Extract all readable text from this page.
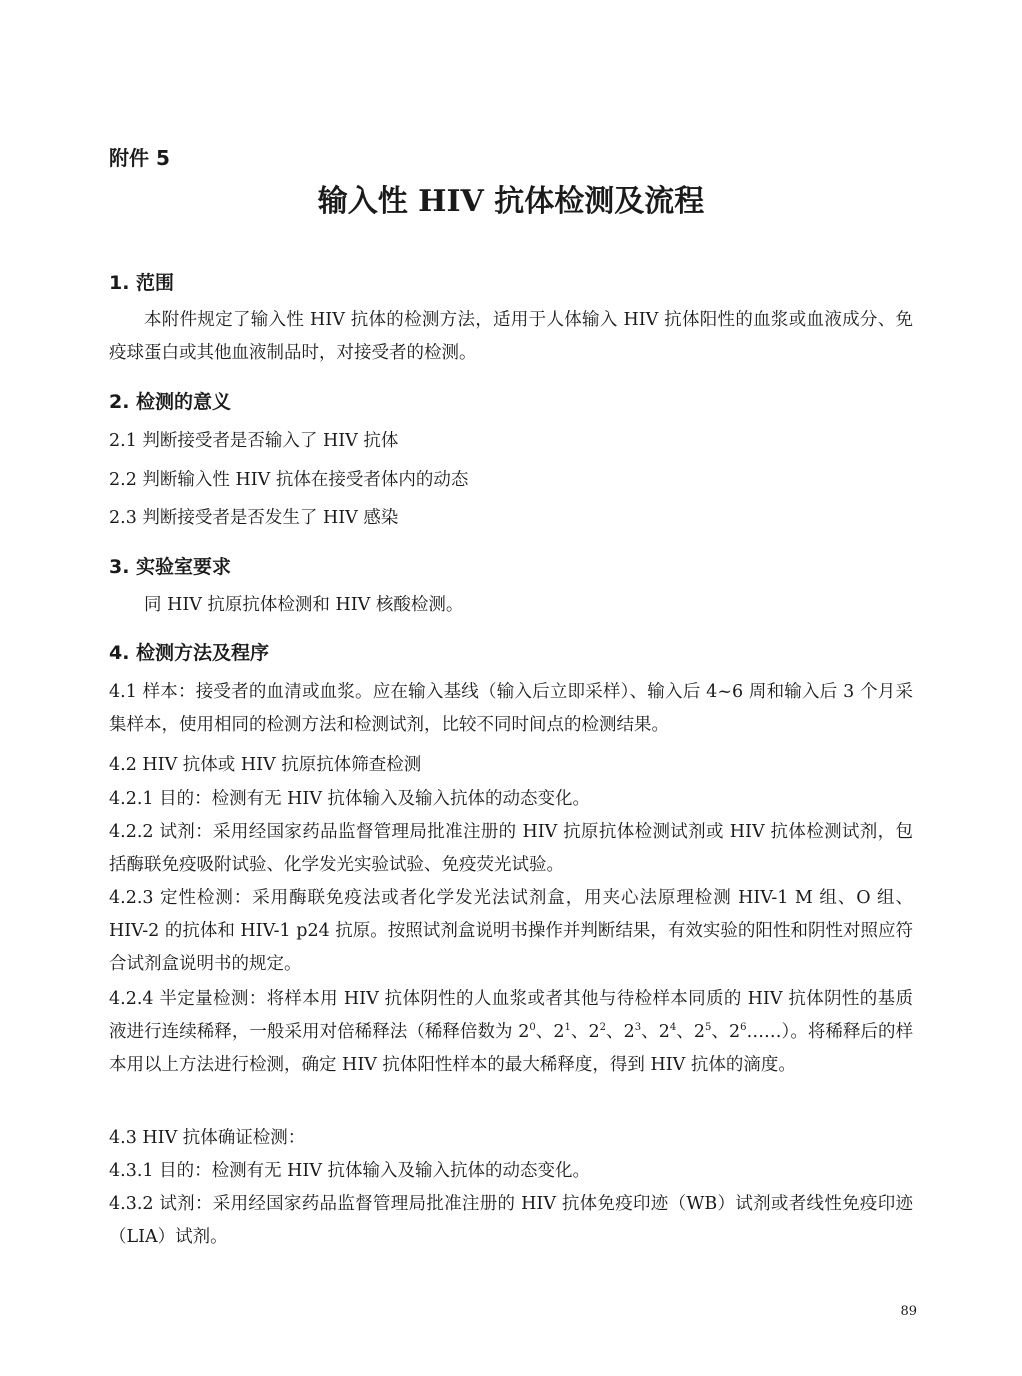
附件 5

输入性 HIV 抗体检测及流程
1. 范围

本附件规定了输入性 HIV 抗体的检测方法，适用于人体输入 HIV 抗体阳性的血浆或血液成分、免疫球蛋白或其他血液制品时，对接受者的检测。

2. 检测的意义

2.1 判断接受者是否输入了 HIV 抗体

2.2 判断输入性 HIV 抗体在接受者体内的动态

2.3 判断接受者是否发生了 HIV 感染

3. 实验室要求

同 HIV 抗原抗体检测和 HIV 核酸检测。

4. 检测方法及程序

4.1 样本：接受者的血清或血浆。应在输入基线（输入后立即采样）、输入后 4~6 周和输入后 3 个月采集样本，使用相同的检测方法和检测试剂，比较不同时间点的检测结果。

4.2 HIV 抗体或 HIV 抗原抗体筛查检测

4.2.1 目的：检测有无 HIV 抗体输入及输入抗体的动态变化。

4.2.2 试剂：采用经国家药品监督管理局批准注册的 HIV 抗原抗体检测试剂或 HIV 抗体检测试剂，包括酶联免疫吸附试验、化学发光实验试验、免疫荧光试验。

4.2.3 定性检测：采用酶联免疫法或者化学发光法试剂盒，用夹心法原理检测 HIV-1 M 组、O 组、HIV-2 的抗体和 HIV-1 p24 抗原。按照试剂盒说明书操作并判断结果，有效实验的阳性和阴性对照应符合试剂盒说明书的规定。

4.2.4 半定量检测：将样本用 HIV 抗体阴性的人血浆或者其他与待检样本同质的 HIV 抗体阴性的基质液进行连续稀释，一般采用对倍稀释法（稀释倍数为 $2^0$、$2^1$、$2^2$、$2^3$、$2^4$、$2^5$、$2^6\dots\dots$）。将稀释后的样本用以上方法进行检测，确定 HIV 抗体阳性样本的最大稀释度，得到 HIV 抗体的滴度。

4.3 HIV 抗体确证检测：

4.3.1 目的：检测有无 HIV 抗体输入及输入抗体的动态变化。

4.3.2 试剂：采用经国家药品监督管理局批准注册的 HIV 抗体免疫印迹（WB）试剂或者线性免疫印迹（LIA）试剂。

89
